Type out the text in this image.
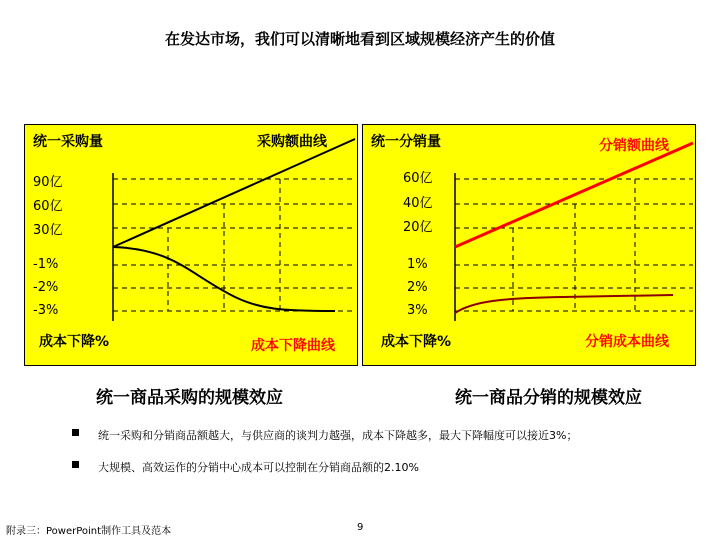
在发达市场，我们可以清晰地看到区域规模经济产生的价值
统一采购量	采购额曲线
90亿
60亿
30亿
-1%
-2%
-3%
成本下降%	成本下降曲线
统一分销量	分销额曲线
60亿
40亿
20亿
1%
2%
3%
成本下降%	分销成本曲线
统一商品采购的规模效应	统一商品分销的规模效应
统一采购和分销商品额越大，与供应商的谈判力越强，成本下降越多，最大下降幅度可以接近3%；
大规模、高效运作的分销中心成本可以控制在分销商品额的2.10%
附录三：PowerPoint制作工具及范本	9
